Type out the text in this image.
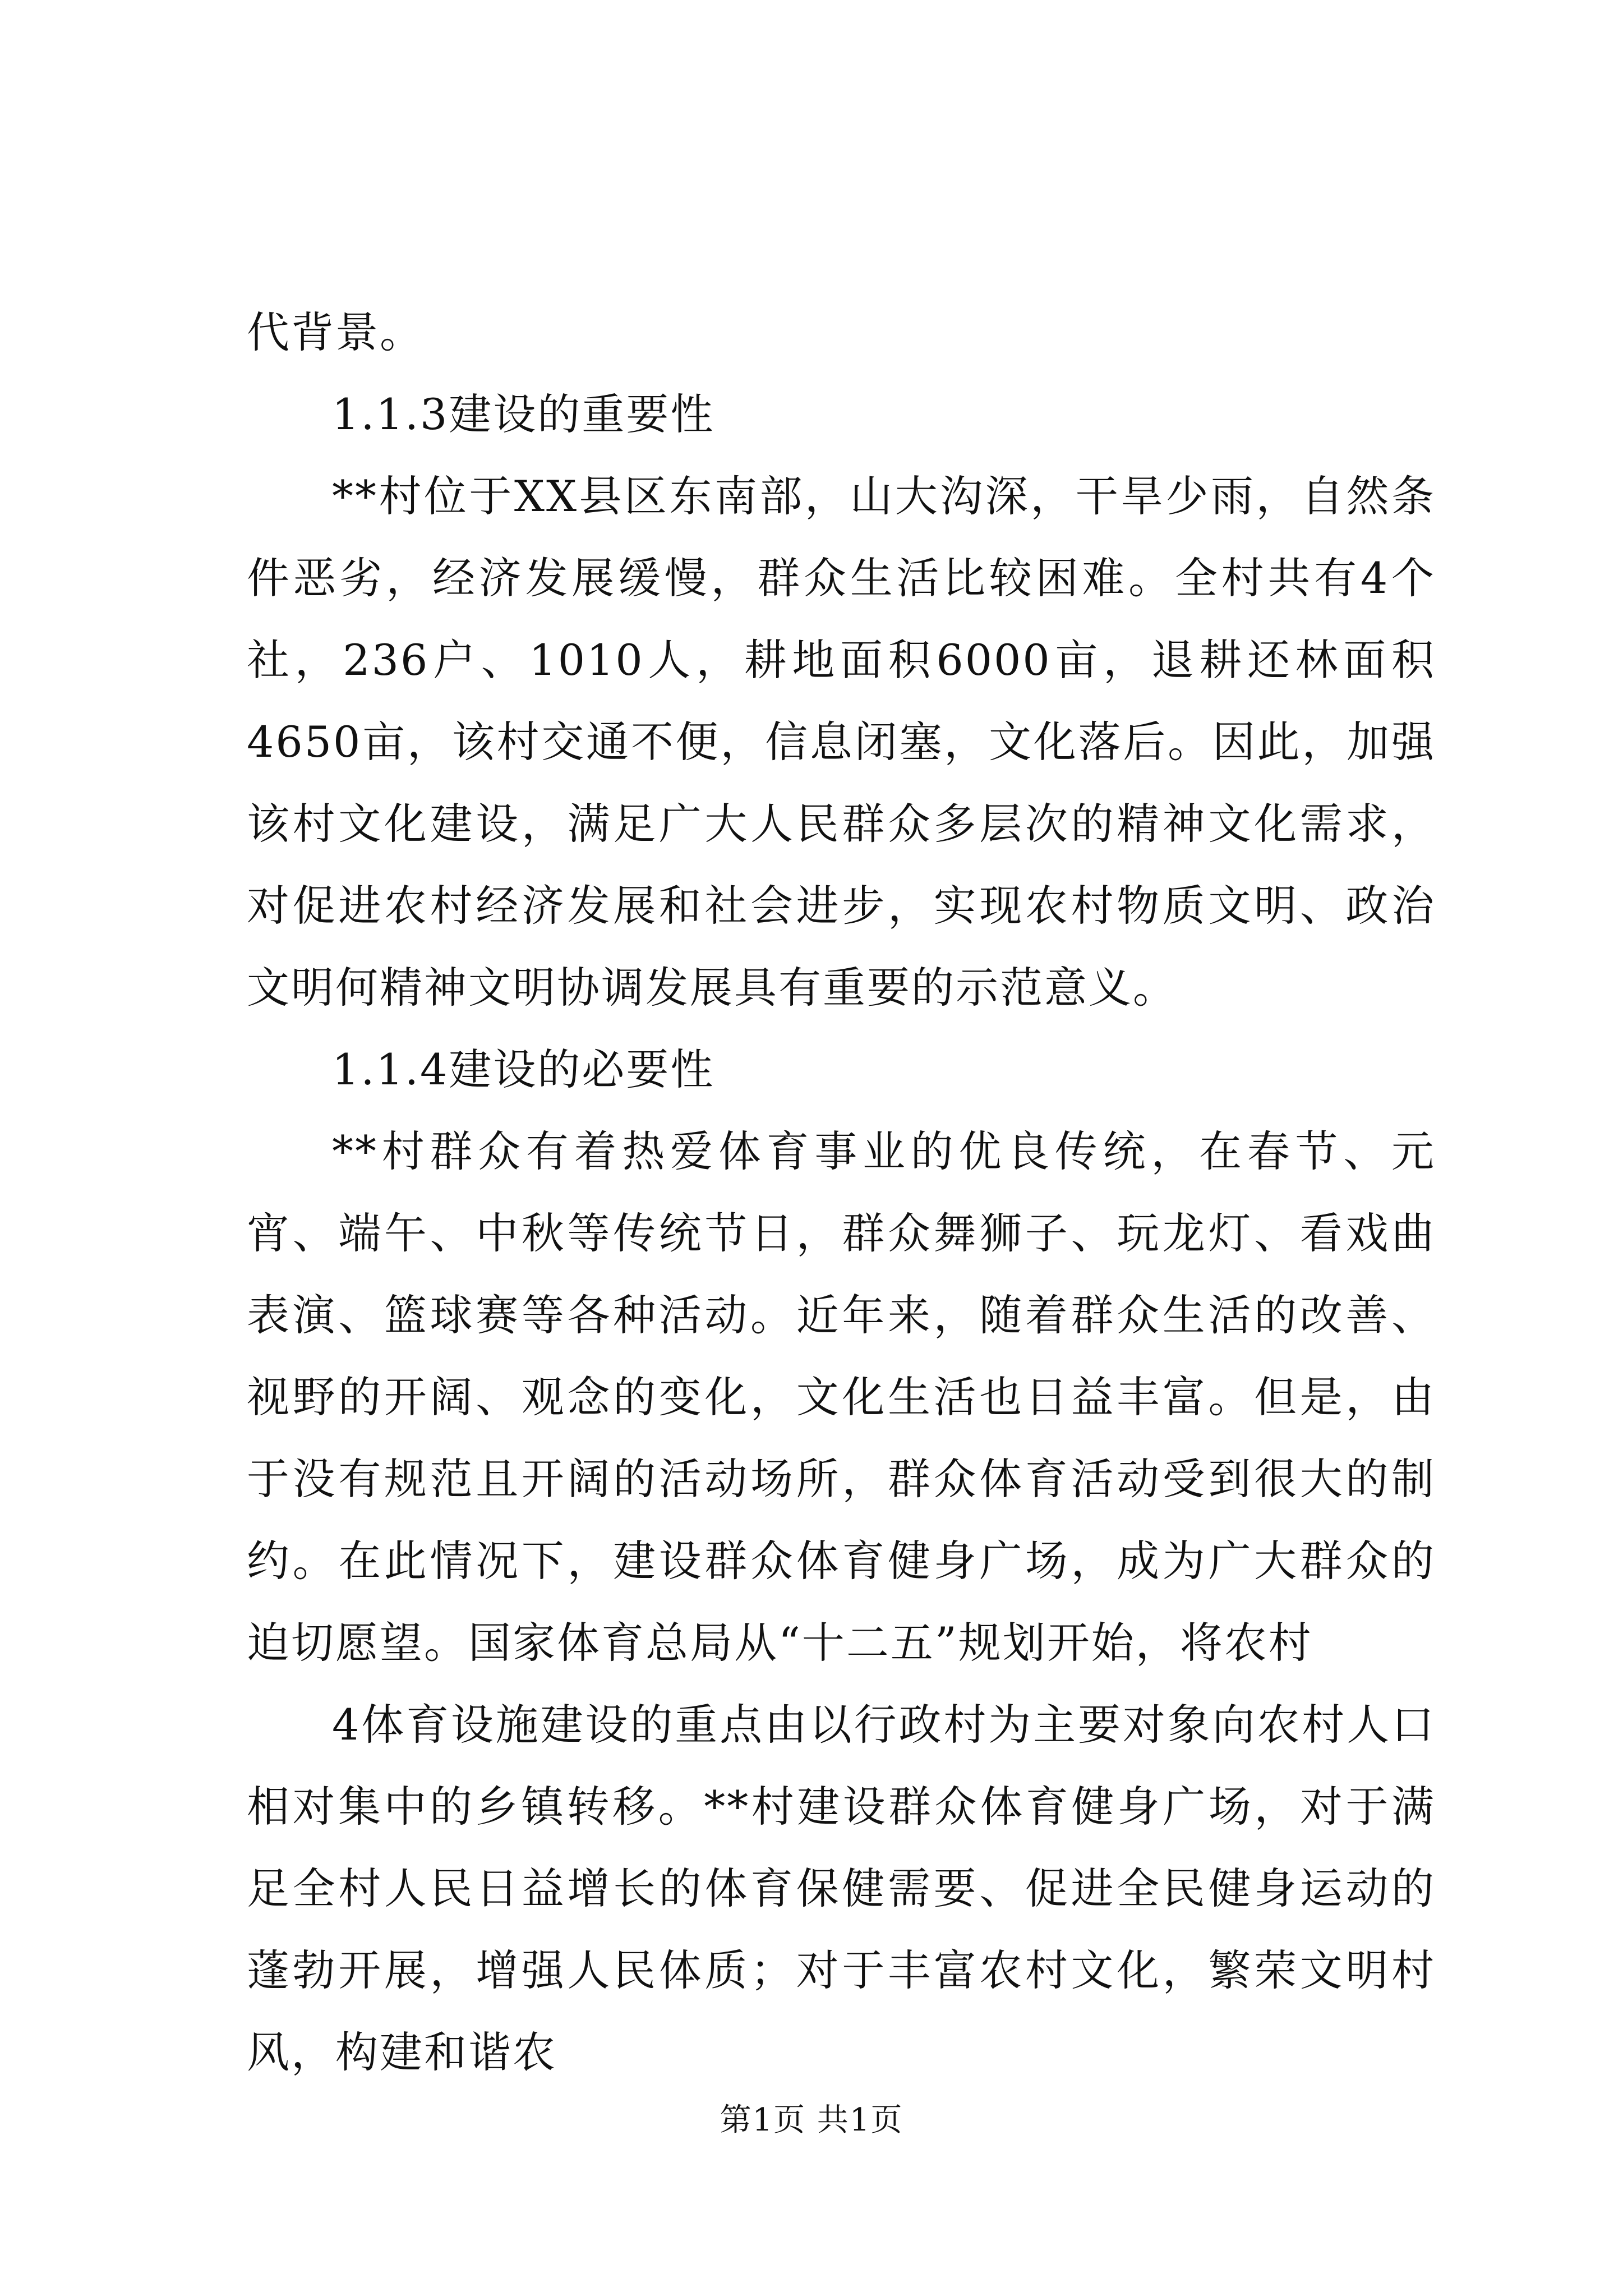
代背景。

1.1.3建设的重要性

**村位于XX县区东南部，山大沟深，干旱少雨，自然条件恶劣，经济发展缓慢，群众生活比较困难。全村共有4个社，236户、1010人，耕地面积6000亩，退耕还林面积4650亩，该村交通不便，信息闭塞，文化落后。因此，加强该村文化建设，满足广大人民群众多层次的精神文化需求，对促进农村经济发展和社会进步，实现农村物质文明、政治文明何精神文明协调发展具有重要的示范意义。

1.1.4建设的必要性

**村群众有着热爱体育事业的优良传统，在春节、元宵、端午、中秋等传统节日，群众舞狮子、玩龙灯、看戏曲表演、篮球赛等各种活动。近年来，随着群众生活的改善、视野的开阔、观念的变化，文化生活也日益丰富。但是，由于没有规范且开阔的活动场所，群众体育活动受到很大的制约。在此情况下，建设群众体育健身广场，成为广大群众的迫切愿望。国家体育总局从“十二五”规划开始，将农村

4体育设施建设的重点由以行政村为主要对象向农村人口相对集中的乡镇转移。**村建设群众体育健身广场，对于满足全村人民日益增长的体育保健需要、促进全民健身运动的蓬勃开展，增强人民体质；对于丰富农村文化，繁荣文明村风，构建和谐农

第1页 共1页
